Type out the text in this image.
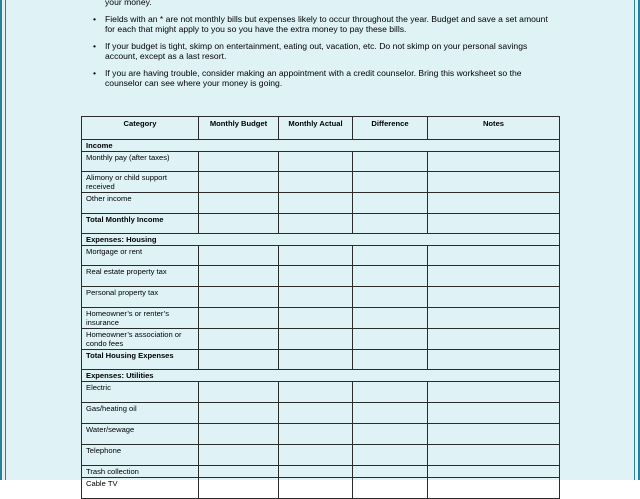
your money.
• Fields with an * are not monthly bills but expenses likely to occur throughout the year. Budget and save a set amount for each that might apply to you so you have the extra money to pay these bills.
• If your budget is tight, skimp on entertainment, eating out, vacation, etc. Do not skimp on your personal savings account, except as a last resort.
• If you are having trouble, consider making an appointment with a credit counselor. Bring this worksheet so the counselor can see where your money is going.
Category	Monthly Budget	Monthly Actual	Difference	Notes
Income				
Monthly pay (after taxes)				
Alimony or child support received				
Other income				
Total Monthly Income				
Expenses: Housing				
Mortgage or rent				
Real estate property tax				
Personal property tax				
Homeowner’s or renter’s insurance				
Homeowner’s association or condo fees				
Total Housing Expenses				
Expenses: Utilities				
Electric				
Gas/heating oil				
Water/sewage				
Telephone				
Trash collection				
Cable TV				
